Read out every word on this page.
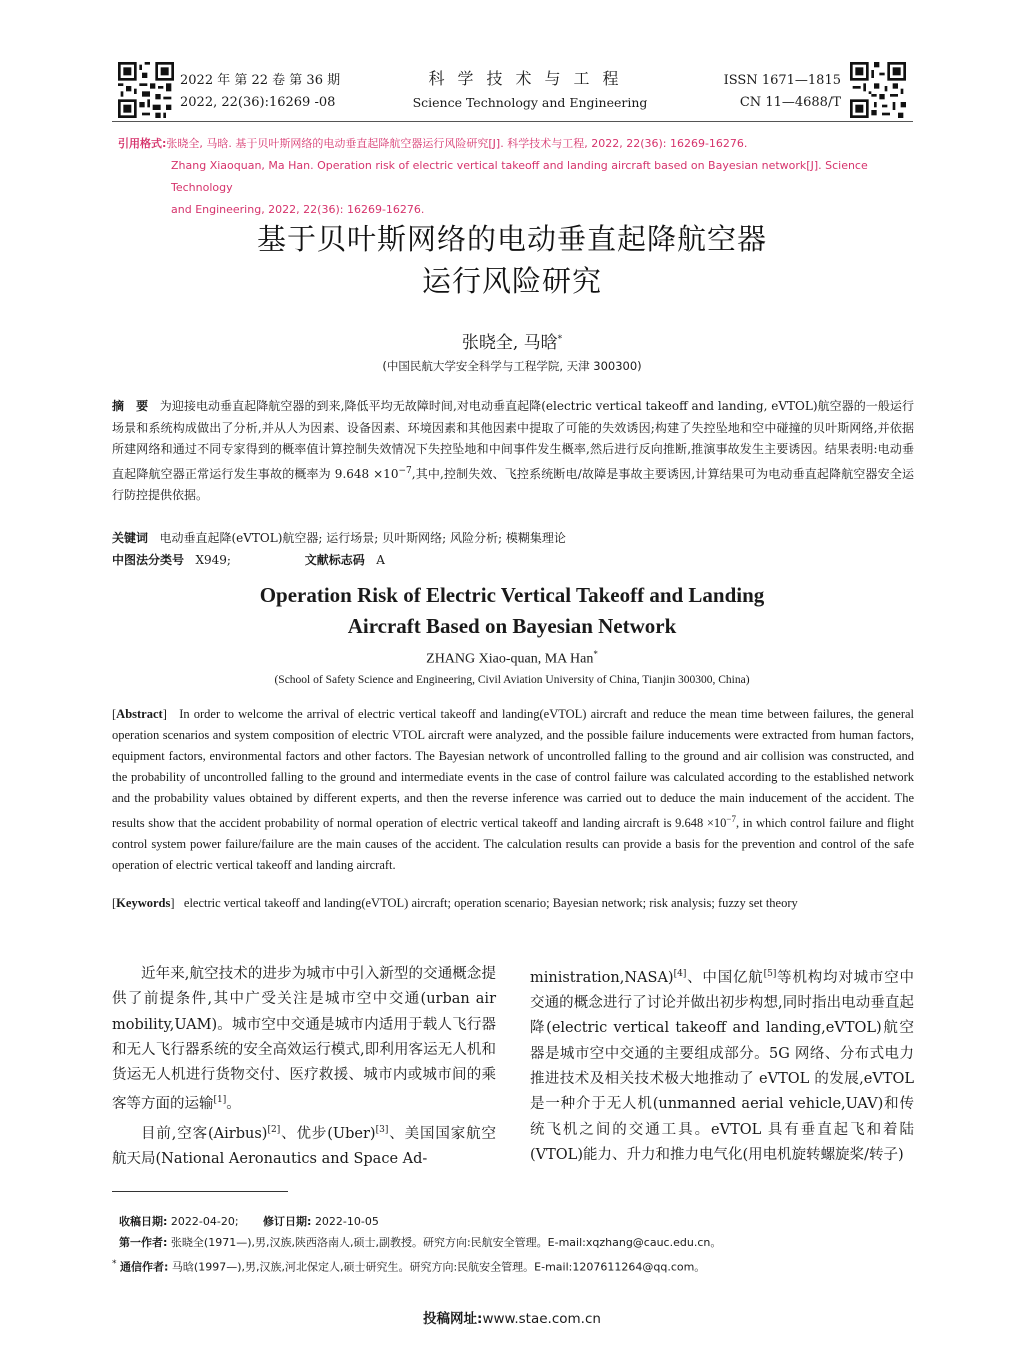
2022 年 第 22 卷 第 36 期
2022, 22(36):16269 -08
科学技术与工程
Science Technology and Engineering
ISSN 1671—1815
CN 11—4688/T
引用格式:张晓全, 马晗. 基于贝叶斯网络的电动垂直起降航空器运行风险研究[J]. 科学技术与工程, 2022, 22(36): 16269-16276.
Zhang Xiaoquan, Ma Han. Operation risk of electric vertical takeoff and landing aircraft based on Bayesian network[J]. Science Technology
and Engineering, 2022, 22(36): 16269-16276.
基于贝叶斯网络的电动垂直起降航空器
运行风险研究
张晓全, 马晗*
(中国民航大学安全科学与工程学院, 天津 300300)
摘　要 为迎接电动垂直起降航空器的到来,降低平均无故障时间,对电动垂直起降(electric vertical takeoff and landing, eVTOL)航空器的一般运行场景和系统构成做出了分析,并从人为因素、设备因素、环境因素和其他因素中提取了可能的失效诱因;构建了失控坠地和空中碰撞的贝叶斯网络,并依据所建网络和通过不同专家得到的概率值计算控制失效情况下失控坠地和中间事件发生概率,然后进行反向推断,推演事故发生主要诱因。结果表明:电动垂直起降航空器正常运行发生事故的概率为 $9.648 \times 10^{-7}$,其中,控制失效、飞控系统断电/故障是事故主要诱因,计算结果可为电动垂直起降航空器安全运行防控提供依据。
关键词 电动垂直起降(eVTOL)航空器; 运行场景; 贝叶斯网络; 风险分析; 模糊集理论
中图法分类号 X949;	文献标志码 A
Operation Risk of Electric Vertical Takeoff and Landing
Aircraft Based on Bayesian Network
ZHANG Xiao-quan, MA Han*
(School of Safety Science and Engineering, Civil Aviation University of China, Tianjin 300300, China)
[Abstract]   In order to welcome the arrival of electric vertical takeoff and landing(eVTOL) aircraft and reduce the mean time between failures, the general operation scenarios and system composition of electric VTOL aircraft were analyzed, and the possible failure inducements were extracted from human factors, equipment factors, environmental factors and other factors. The Bayesian network of uncontrolled falling to the ground and air collision was constructed, and the probability of uncontrolled falling to the ground and intermediate events in the case of control failure was calculated according to the established network and the probability values obtained by different experts, and then the reverse inference was carried out to deduce the main inducement of the accident. The results show that the accident probability of normal operation of electric vertical takeoff and landing aircraft is $9.648 \times 10^{-7}$, in which control failure and flight control system power failure/failure are the main causes of the accident. The calculation results can provide a basis for the prevention and control of the safe operation of electric vertical takeoff and landing aircraft.
[Keywords]   electric vertical takeoff and landing(eVTOL) aircraft; operation scenario; Bayesian network; risk analysis; fuzzy set theory

近年来,航空技术的进步为城市中引入新型的交通概念提供了前提条件,其中广受关注是城市空中交通(urban air mobility,UAM)。城市空中交通是城市内适用于载人飞行器和无人飞行器系统的安全高效运行模式,即利用客运无人机和货运无人机进行货物交付、医疗救援、城市内或城市间的乘客等方面的运输[1]。

目前,空客(Airbus)[2]、优步(Uber)[3]、美国国家航空航天局(National Aeronautics and Space Ad-

ministration,NASA)[4]、中国亿航[5]等机构均对城市空中交通的概念进行了讨论并做出初步构想,同时指出电动垂直起降(electric vertical takeoff and landing,eVTOL)航空器是城市空中交通的主要组成部分。5G 网络、分布式电力推进技术及相关技术极大地推动了 eVTOL 的发展,eVTOL 是一种介于无人机(unmanned aerial vehicle,UAV)和传统飞机之间的交通工具。eVTOL 具有垂直起飞和着陆(VTOL)能力、升力和推力电气化(用电机旋转螺旋桨/转子)

收稿日期: 2022-04-20; 修订日期: 2022-10-05
第一作者: 张晓全(1971—),男,汉族,陕西洛南人,硕士,副教授。研究方向:民航安全管理。E-mail:xqzhang@cauc.edu.cn。
* 通信作者: 马晗(1997—),男,汉族,河北保定人,硕士研究生。研究方向:民航安全管理。E-mail:1207611264@qq.com。
投稿网址:www.stae.com.cn
